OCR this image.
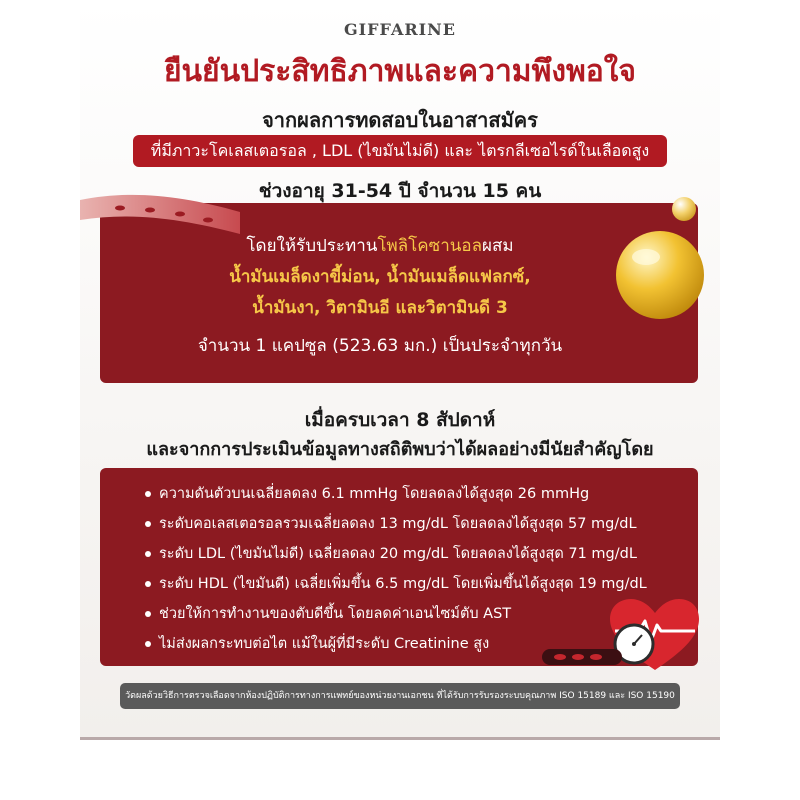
GIFFARINE
ยืนยันประสิทธิภาพและความพึงพอใจ
จากผลการทดสอบในอาสาสมัคร
ที่มีภาวะโคเลสเตอรอล , LDL (ไขมันไม่ดี) และ ไตรกลีเซอไรด์ในเลือดสูง
ช่วงอายุ 31-54 ปี จำนวน 15 คน
โดยให้รับประทานโพลิโคซานอลผสม
น้ำมันเมล็ดงาขี้ม่อน, น้ำมันเมล็ดแฟลกซ์,
น้ำมันงา, วิตามินอี และวิตามินดี 3
จำนวน 1 แคปซูล (523.63 มก.) เป็นประจำทุกวัน
เมื่อครบเวลา 8 สัปดาห์
และจากการประเมินข้อมูลทางสถิติพบว่าได้ผลอย่างมีนัยสำคัญโดย
ความดันตัวบนเฉลี่ยลดลง 6.1 mmHg โดยลดลงได้สูงสุด 26 mmHg
ระดับคอเลสเตอรอลรวมเฉลี่ยลดลง 13 mg/dL โดยลดลงได้สูงสุด 57 mg/dL
ระดับ LDL (ไขมันไม่ดี) เฉลี่ยลดลง 20 mg/dL โดยลดลงได้สูงสุด 71 mg/dL
ระดับ HDL (ไขมันดี) เฉลี่ยเพิ่มขึ้น 6.5 mg/dL โดยเพิ่มขึ้นได้สูงสุด 19 mg/dL
ช่วยให้การทำงานของตับดีขึ้น โดยลดค่าเอนไซม์ตับ AST
ไม่ส่งผลกระทบต่อไต แม้ในผู้ที่มีระดับ Creatinine สูง
วัดผลด้วยวิธีการตรวจเลือดจากห้องปฏิบัติการทางการแพทย์ของหน่วยงานเอกชน ที่ได้รับการรับรองระบบคุณภาพ ISO 15189 และ ISO 15190
